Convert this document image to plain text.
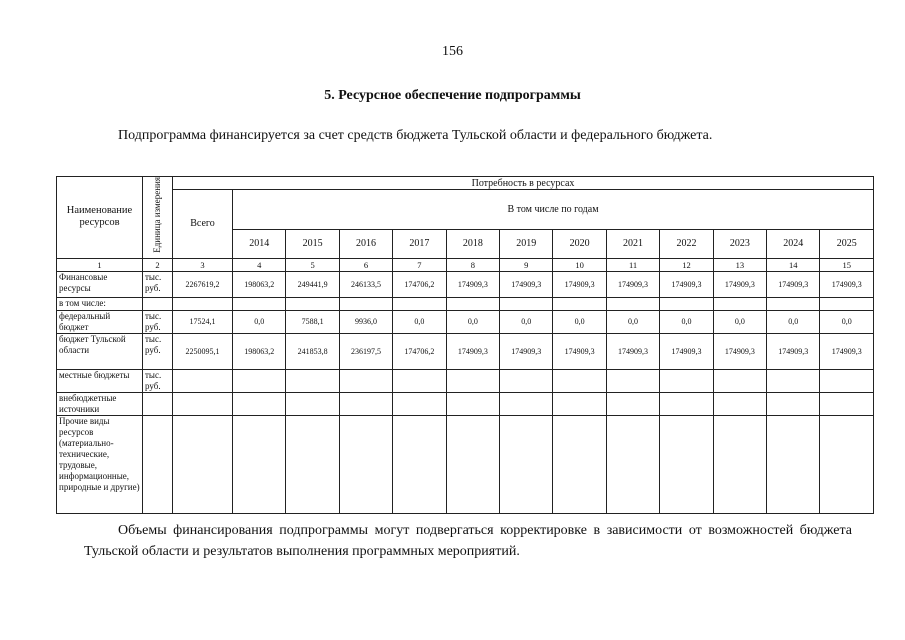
156
5. Ресурсное обеспечение подпрограммы
Подпрограмма финансируется за счет средств бюджета Тульской области и федерального бюджета.
Наименование ресурсов	Единица измерения	Потребность в ресурсах												
		Всего	В том числе по годам											
			2014	2015	2016	2017	2018	2019	2020	2021	2022	2023	2024	2025
1	2	3	4	5	6	7	8	9	10	11	12	13	14	15
Финансовые ресурсы	тыс. руб.	2267619,2	198063,2	249441,9	246133,5	174706,2	174909,3	174909,3	174909,3	174909,3	174909,3	174909,3	174909,3	174909,3
в том числе:														
федеральный бюджет	тыс. руб.	17524,1	0,0	7588,1	9936,0	0,0	0,0	0,0	0,0	0,0	0,0	0,0	0,0	0,0
бюджет Тульской области	тыс. руб.	2250095,1	198063,2	241853,8	236197,5	174706,2	174909,3	174909,3	174909,3	174909,3	174909,3	174909,3	174909,3	174909,3
местные бюджеты	тыс. руб.													
внебюджетные источники														
Прочие виды ресурсов (материально-технические, трудовые, информационные, природные и другие)														
Объемы финансирования подпрограммы могут подвергаться корректировке в зависимости от возможностей бюджета Тульской области и результатов выполнения программных мероприятий.
